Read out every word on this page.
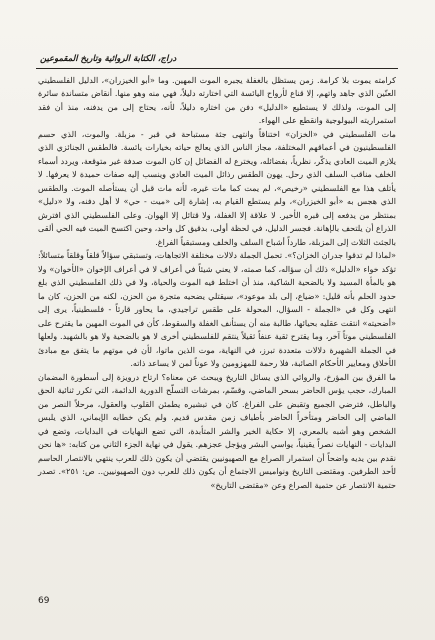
دراج، الكتابة الروائية وتاريخ المقموعين

كرامته يموت بلا كرامة. زمن يستظل بالغفلة يجبره الموت المهين. وما «أبو الخيزران»، الدليل الفلسطيني العنّين الذي جاهد واتهم، إلا قناع لأرواح اليائسة التي اختارته دليلاً، فهي منه وهو منها. أنقاض متساندة سائرة إلى الموت، ولذلك لا يستطيع «الدليل» دفن من اختاره دليلاً، لأنه، يحتاج إلى من يدفنه، منذ أن فقد استمراريته البيولوجية وانقطع على الهواء.

مات الفلسطيني في «الخزان» اختناقاً وانتهى جثة مستباحة في قبر - مزبلة. والموت، الذي حسم الفلسطينيون في أعماقهم المختلفة، مجاز الناس الذي يعالج حياته بخيارات يائسة. فالطقس الجنائزي الذي يلازم الميت العادي يذكّر، نظرياً، بفضائله، ويخترع له الفضائل إن كان الموت صدفة غير متوقعة، ويردد أسماء الخلف مناقب السلف الذي رحل. يهون الطقس رذائل الميت العادي وينسب إليه صفات حميدة لا يعرفها. لا يأتلف هذا مع الفلسطيني «رخيص»، لم يمت كما مات غيره، لأنه مات قبل أن يستأصله الموت. والطقس الذي هجس به «أبو الخيزران»، ولم يستطع القيام به، إشارة إلى «ميت - حي» لا أهل دفنه، ولا «دليل» بمنتظر من يدفعه إلى قبره الأخير. لا علاقة إلا الغفلة، ولا قتائل إلا الهوان. وعلى الفلسطيني الذي افترش الذراع أن يلتحف بالإهانة. فجسر الدليل، في لحظة أولى، بدقيق كل واحد، وحين اكتسح الميت فيه الحي ألقى بالجثث الثلاث إلى المزبلة، طارداً أشباح السلف والخلف ومستبقياً الفراغ.

«لماذا لم تدقوا جدران الخزان؟». تحمل الجملة دلالات مختلفة الاتجاهات، وتستبقي سؤالاً قلقاً وقلقاً متسائلاً: تؤكد خواء «الدليل» ذلك أن سؤاله، كما صمته، لا يعني شيئاً في أعراف لا في أعراف الإخوان «الأخوان» ولا هو بالمأة المسيد ولا بالضحية الشاكية، منذ أن اختلط فيه الموت والحياة، ولا في ذلك الفلسطيني الذي بلغ حدود الحلم بأنه قليل: «ضياع، إلى بلد موعود»، سيقتلي يضحيه متجرة من الحزن، لكنه من الحزن، كان ما انتهى وكل في «الجملة - السؤال، المحولة على طقس تراجيدي، ما يحاور قارئاً - فلسطينياً، يرى إلى «أضحيته» انتقت عقليه بحيائها، طالبة منه أن يستأنف الغفلة والسقوط، كأن في الموت المهين ما يقترح على الفلسطيني موتاً آخر، وما يقترح ثقية عنفاً ثقيلاً ينتقم للفلسطيني أخرى لا هو بالضحية ولا هو بالشهيد. ولعلها في الجملة الشهيرة دلالات متعددة تبرز، في النهاية، موت الذين ماتوا، لأن في موتهم ما يتفق مع مبادئ الأخلاق ومعايير الأحكام الصائبة، فلا رحمة للمهزومين ولا عوناً لمن لا يساعد ذاته.

ما الفرق بين المؤرخ، والروائي الذي يسائل التاريخ ويبحث عن معناه؟ ارتاح درويزة إلى أسطورة المضمان المبارك، حجب يؤس الحاضر بسحر الماضي، وقسّم، بمرشات التسلّح الدورية الدائمة، التي تكرر ثنائية الحق والباطل، فترضي الجميع وتقبض على الفراغ. كان في تبشيره يطمئن القلوب والعقول، مرحلاً النصر من الماضي إلى الحاضر ومتأخراً الحاضر بأطياف زمن مقدس قديم. ولم يكن خطابه الإيماني، الذي يلبس الشخص وهو أشبه بالمعري، إلا حكاية الخير والشر المتأبدة، التي تضع النهايات في البدايات، وتضع في البدايات - النهايات نصراً يقينياً، يواسي البشر ويؤجل عجزهم. يقول في نهاية الجزء الثاني من كتابه: «ها نحن نقدم بين يديه واضحاً أن استمرار الصراع مع الصهيونيين يقتضي أن يكون ذلك للعرب ينتهي بالانتصار الحاسم لأحد الطرفين. ومقتضى التاريخ ونواميس الاجتماع أن يكون ذلك للعرب دون الصهيونيين.. ص: ٢٥١». تصدر حتمية الانتصار عن حتمية الصراع وعن «مقتضى التاريخ»

69
